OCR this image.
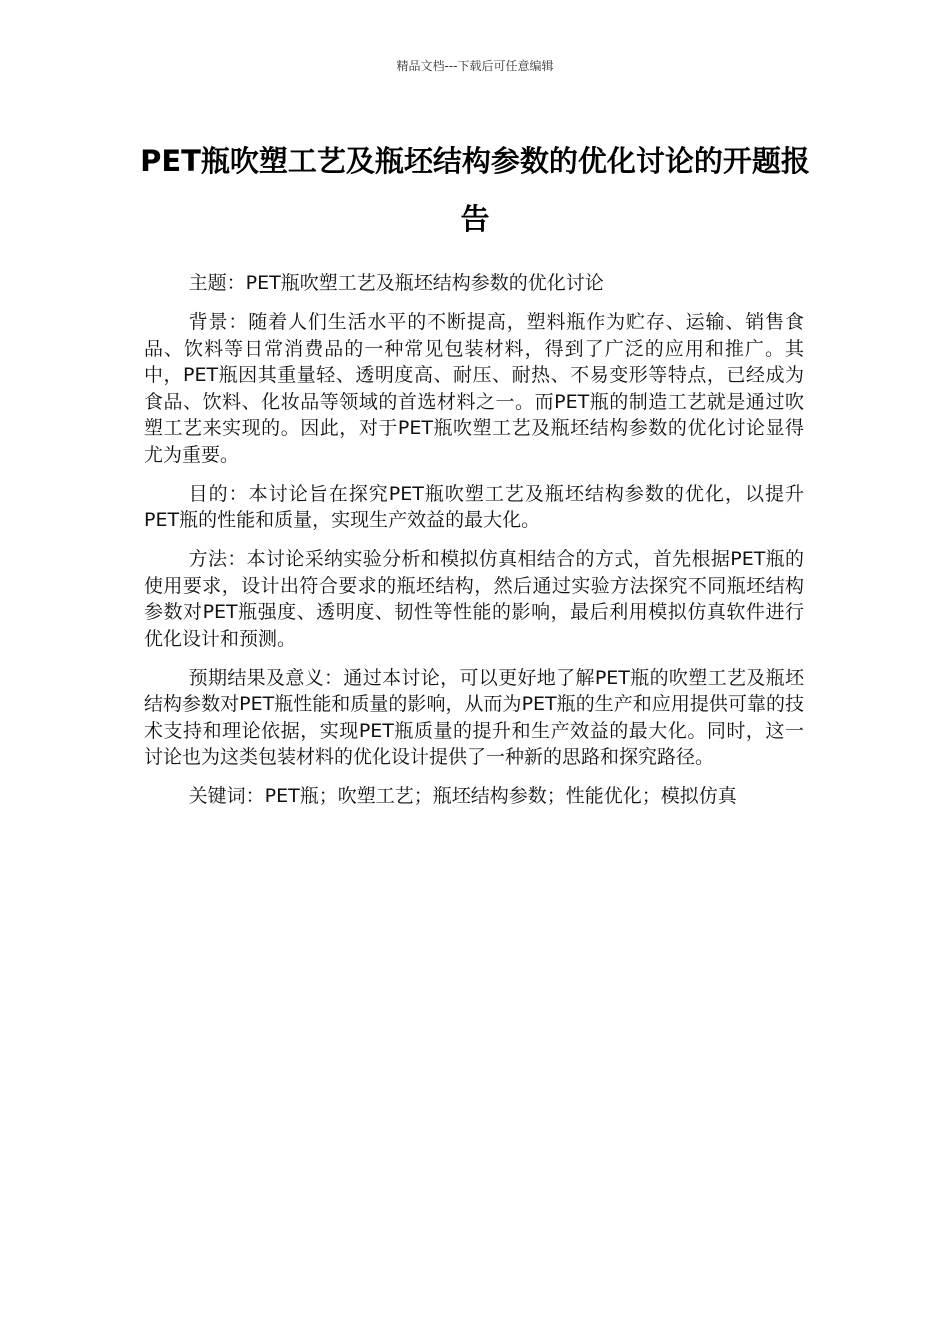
精品文档---下载后可任意编辑
PET瓶吹塑工艺及瓶坯结构参数的优化讨论的开题报告

主题：PET瓶吹塑工艺及瓶坯结构参数的优化讨论

背景：随着人们生活水平的不断提高，塑料瓶作为贮存、运输、销售食品、饮料等日常消费品的一种常见包装材料，得到了广泛的应用和推广。其中，PET瓶因其重量轻、透明度高、耐压、耐热、不易变形等特点，已经成为食品、饮料、化妆品等领域的首选材料之一。而PET瓶的制造工艺就是通过吹塑工艺来实现的。因此，对于PET瓶吹塑工艺及瓶坯结构参数的优化讨论显得尤为重要。

目的：本讨论旨在探究PET瓶吹塑工艺及瓶坯结构参数的优化，以提升PET瓶的性能和质量，实现生产效益的最大化。

方法：本讨论采纳实验分析和模拟仿真相结合的方式，首先根据PET瓶的使用要求，设计出符合要求的瓶坯结构，然后通过实验方法探究不同瓶坯结构参数对PET瓶强度、透明度、韧性等性能的影响，最后利用模拟仿真软件进行优化设计和预测。

预期结果及意义：通过本讨论，可以更好地了解PET瓶的吹塑工艺及瓶坯结构参数对PET瓶性能和质量的影响，从而为PET瓶的生产和应用提供可靠的技术支持和理论依据，实现PET瓶质量的提升和生产效益的最大化。同时，这一讨论也为这类包装材料的优化设计提供了一种新的思路和探究路径。

关键词：PET瓶；吹塑工艺；瓶坯结构参数；性能优化；模拟仿真
